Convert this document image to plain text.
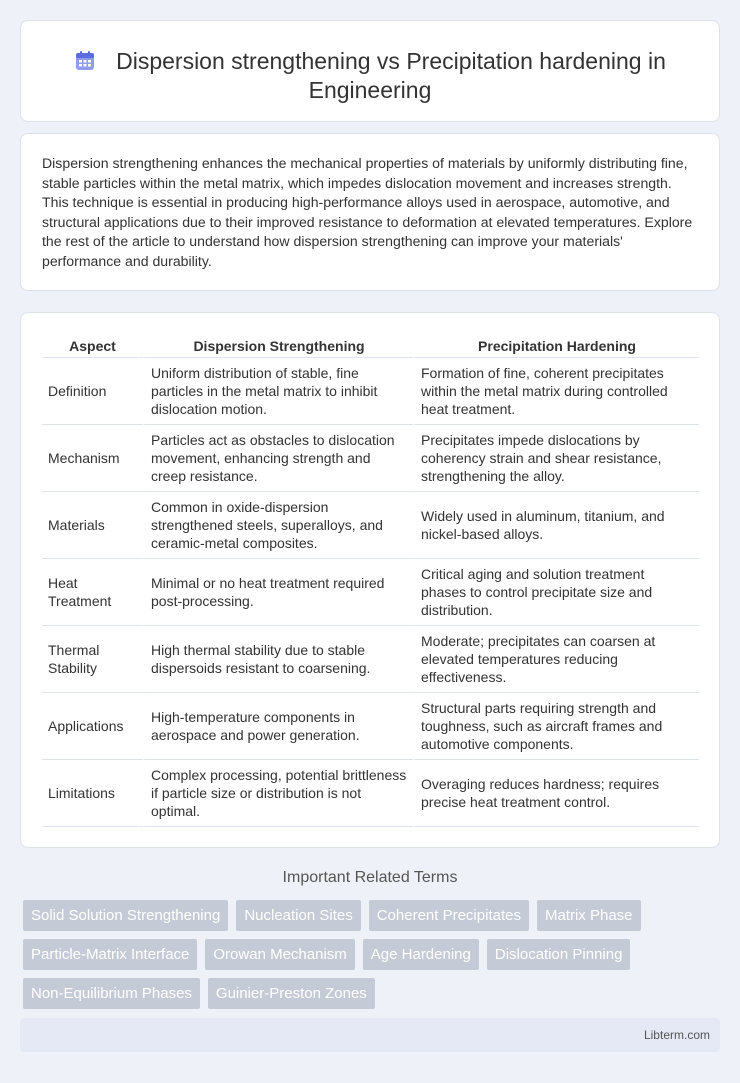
Dispersion strengthening vs Precipitation hardening in Engineering

Dispersion strengthening enhances the mechanical properties of materials by uniformly distributing fine, stable particles within the metal matrix, which impedes dislocation movement and increases strength. This technique is essential in producing high-performance alloys used in aerospace, automotive, and structural applications due to their improved resistance to deformation at elevated temperatures. Explore the rest of the article to understand how dispersion strengthening can improve your materials' performance and durability.

Aspect	Dispersion Strengthening	Precipitation Hardening
Definition	Uniform distribution of stable, fine particles in the metal matrix to inhibit dislocation motion.	Formation of fine, coherent precipitates within the metal matrix during controlled heat treatment.
Mechanism	Particles act as obstacles to dislocation movement, enhancing strength and creep resistance.	Precipitates impede dislocations by coherency strain and shear resistance, strengthening the alloy.
Materials	Common in oxide-dispersion strengthened steels, superalloys, and ceramic-metal composites.	Widely used in aluminum, titanium, and nickel-based alloys.
Heat Treatment	Minimal or no heat treatment required post-processing.	Critical aging and solution treatment phases to control precipitate size and distribution.
Thermal Stability	High thermal stability due to stable dispersoids resistant to coarsening.	Moderate; precipitates can coarsen at elevated temperatures reducing effectiveness.
Applications	High-temperature components in aerospace and power generation.	Structural parts requiring strength and toughness, such as aircraft frames and automotive components.
Limitations	Complex processing, potential brittleness if particle size or distribution is not optimal.	Overaging reduces hardness; requires precise heat treatment control.
Important Related Terms
Solid Solution Strengthening	Nucleation Sites	Coherent Precipitates	Matrix Phase
Particle-Matrix Interface	Orowan Mechanism	Age Hardening	Dislocation Pinning
Non-Equilibrium Phases	Guinier-Preston Zones
Libterm.com
